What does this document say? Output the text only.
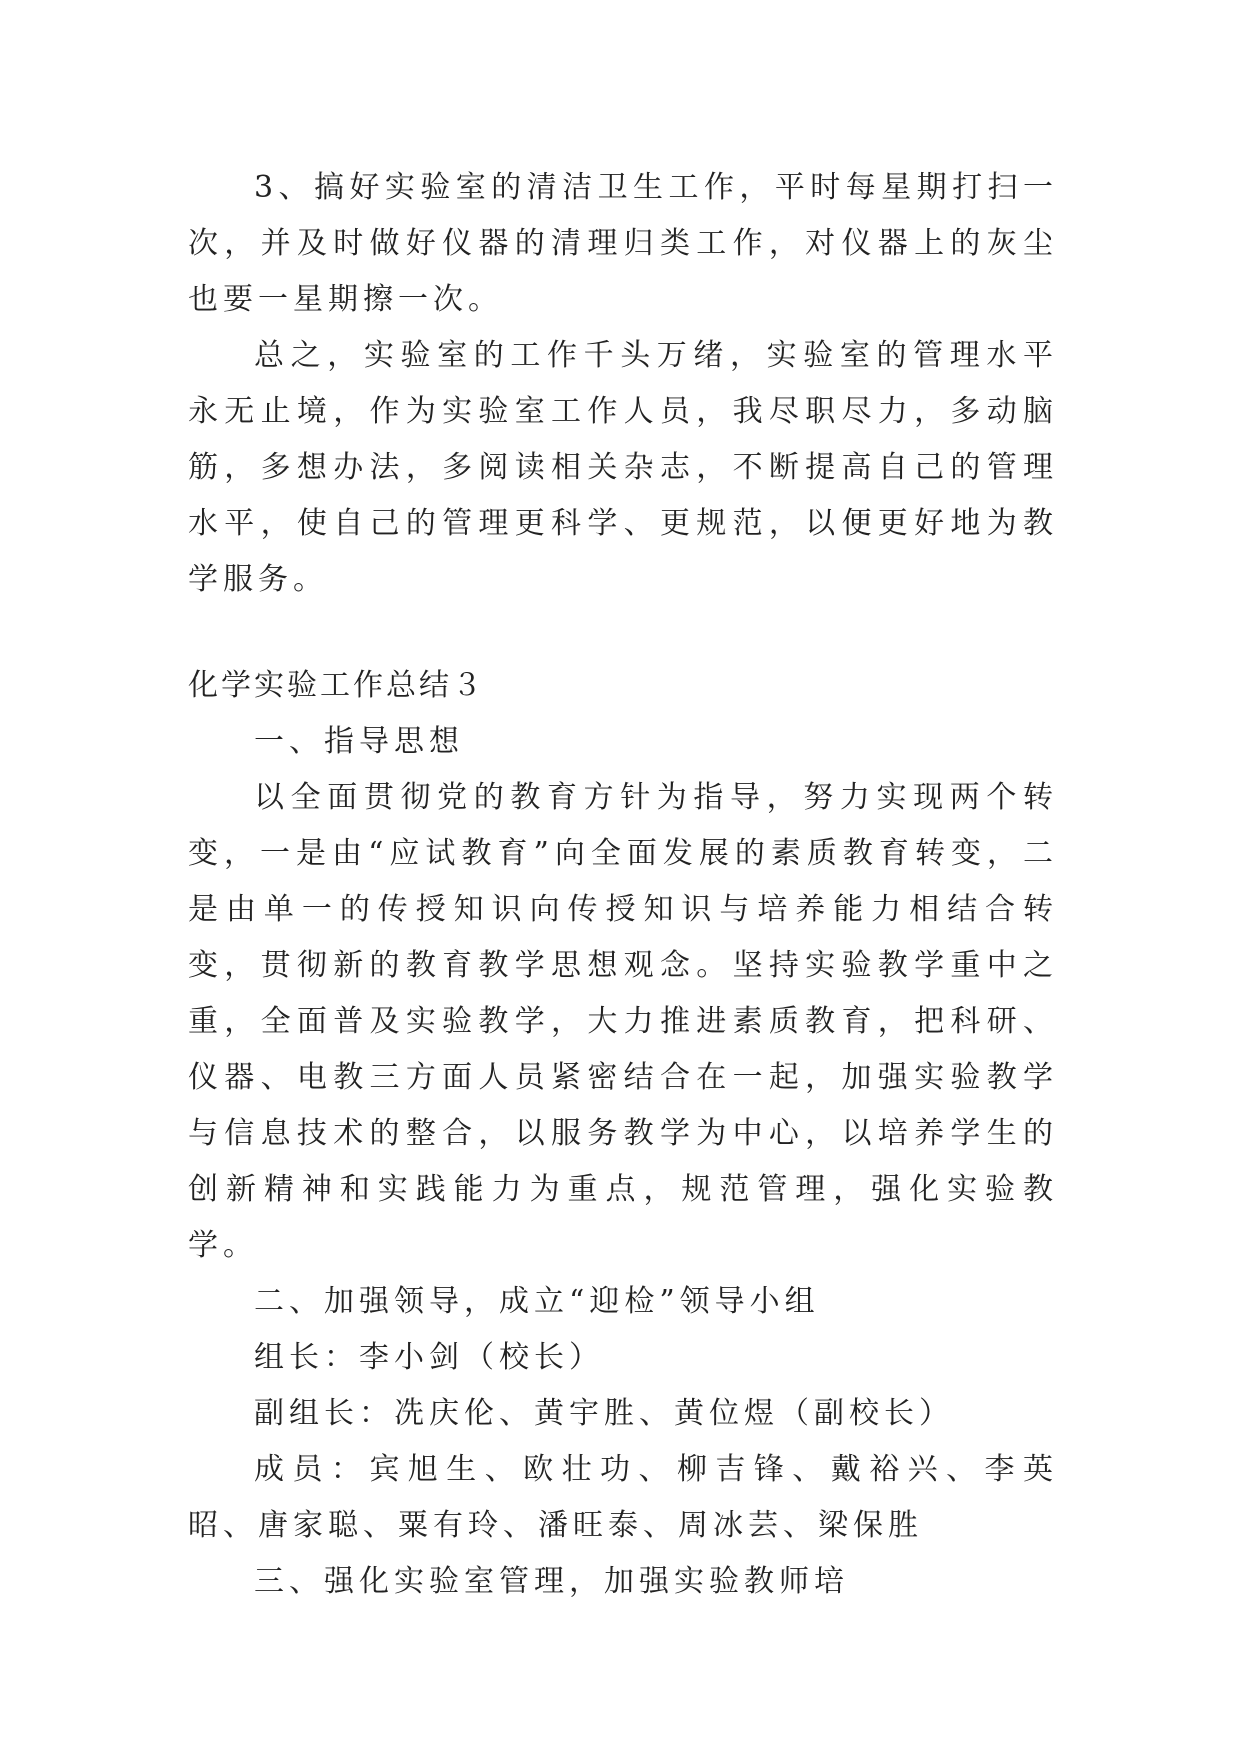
3、搞好实验室的清洁卫生工作，平时每星期打扫一次，并及时做好仪器的清理归类工作，对仪器上的灰尘也要一星期擦一次。

总之，实验室的工作千头万绪，实验室的管理水平永无止境，作为实验室工作人员，我尽职尽力，多动脑筋，多想办法，多阅读相关杂志，不断提高自己的管理水平，使自己的管理更科学、更规范，以便更好地为教学服务。

化学实验工作总结３

一、指导思想

以全面贯彻党的教育方针为指导，努力实现两个转变，一是由“应试教育”向全面发展的素质教育转变，二是由单一的传授知识向传授知识与培养能力相结合转变，贯彻新的教育教学思想观念。坚持实验教学重中之重，全面普及实验教学，大力推进素质教育，把科研、仪器、电教三方面人员紧密结合在一起，加强实验教学与信息技术的整合，以服务教学为中心，以培养学生的创新精神和实践能力为重点，规范管理，强化实验教学。

二、加强领导，成立“迎检”领导小组

组长：李小剑（校长）

副组长：冼庆伦、黄宇胜、黄位煜（副校长）

成员：宾旭生、欧壮功、柳吉锋、戴裕兴、李英昭、唐家聪、粟有玲、潘旺泰、周冰芸、梁保胜

三、强化实验室管理，加强实验教师培
